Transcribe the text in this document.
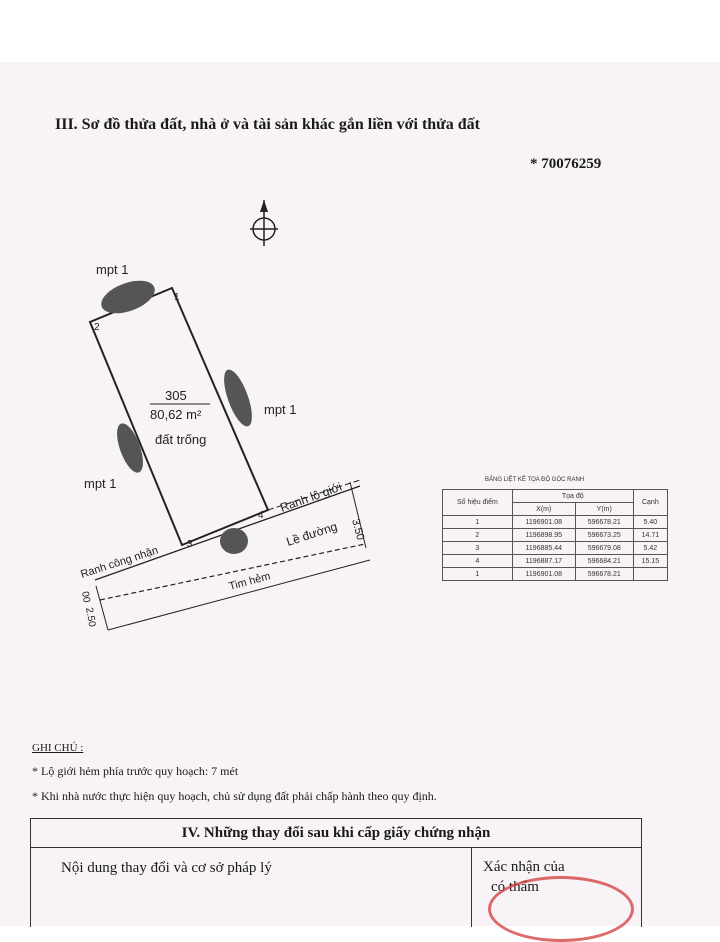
III. Sơ đồ thửa đất, nhà ở và tài sản khác gắn liền với thửa đất
* 70076259
mpt 1
mpt 1
mpt 1
305
80,62 m²
đất trống
1
2
3
4
Ranh lộ giới
Ranh công nhận
Lề đường
Tim hẻm
3.50
00
2.50
BẢNG LIỆT KÊ TỌA ĐỘ GÓC RANH
Số hiệu điểm	Tọa độ		Cạnh
	X(m)	Y(m)	
1	1196901.08	596678.21	5.40
2	1196898.95	596673.25	14.71
3	1196885.44	596679.08	5.42
4	1196887.17	596684.21	15.15
1	1196901.08	596678.21	
GHI CHÚ :
* Lộ giới hẻm phía trước quy hoạch: 7 mét
* Khi nhà nước thực hiện quy hoạch, chủ sử dụng đất phải chấp hành theo quy định.
IV. Những thay đổi sau khi cấp giấy chứng nhận
Nội dung thay đổi và cơ sở pháp lý	Xác nhận của
có thẩm
